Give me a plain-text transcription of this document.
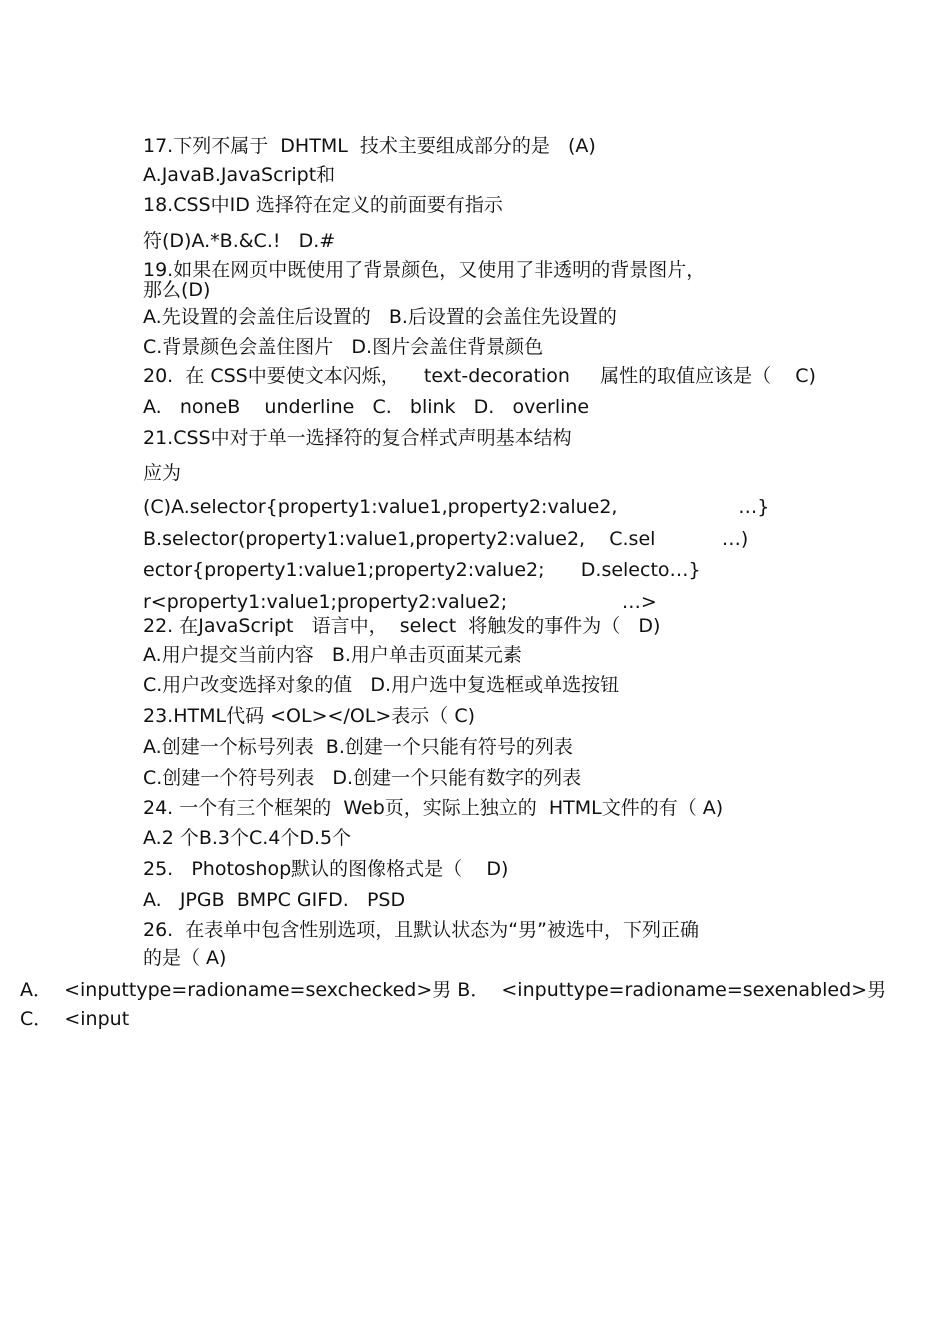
17.下列不属于  DHTML  技术主要组成部分的是   (A)
A.JavaB.JavaScript和
18.CSS中ID 选择符在定义的前面要有指示
符(D)A.*B.&C.!   D.#
19.如果在网页中既使用了背景颜色，又使用了非透明的背景图片，
那么(D)
A.先设置的会盖住后设置的   B.后设置的会盖住先设置的
C.背景颜色会盖住图片   D.图片会盖住背景颜色
20.  在 CSS中要使文本闪烁，    text-decoration     属性的取值应该是（    C)
A.   noneB    underline   C.   blink   D.   overline
21.CSS中对于单一选择符的复合样式声明基本结构
应为
(C)A.selector{property1:value1,property2:value2,                    …}
B.selector(property1:value1,property2:value2,    C.sel           …)
ector{property1:value1;property2:value2;      D.selecto…}
r<property1:value1;property2:value2;                   …>
22. 在JavaScript   语言中，  select  将触发的事件为（   D)
A.用户提交当前内容   B.用户单击页面某元素
C.用户改变选择对象的值   D.用户选中复选框或单选按钮
23.HTML代码 <OL></OL>表示（ C)
A.创建一个标号列表  B.创建一个只能有符号的列表
C.创建一个符号列表   D.创建一个只能有数字的列表
24. 一个有三个框架的  Web页，实际上独立的  HTML文件的有（ A)
A.2 个B.3个C.4个D.5个
25.   Photoshop默认的图像格式是（    D)
A.   JPGB  BMPC GIFD.   PSD
26.  在表单中包含性别选项，且默认状态为“男”被选中，下列正确
的是（ A)
A．  <inputtype=radioname=sexchecked>男 B．  <inputtype=radioname=sexenabled>男
C．  <input
